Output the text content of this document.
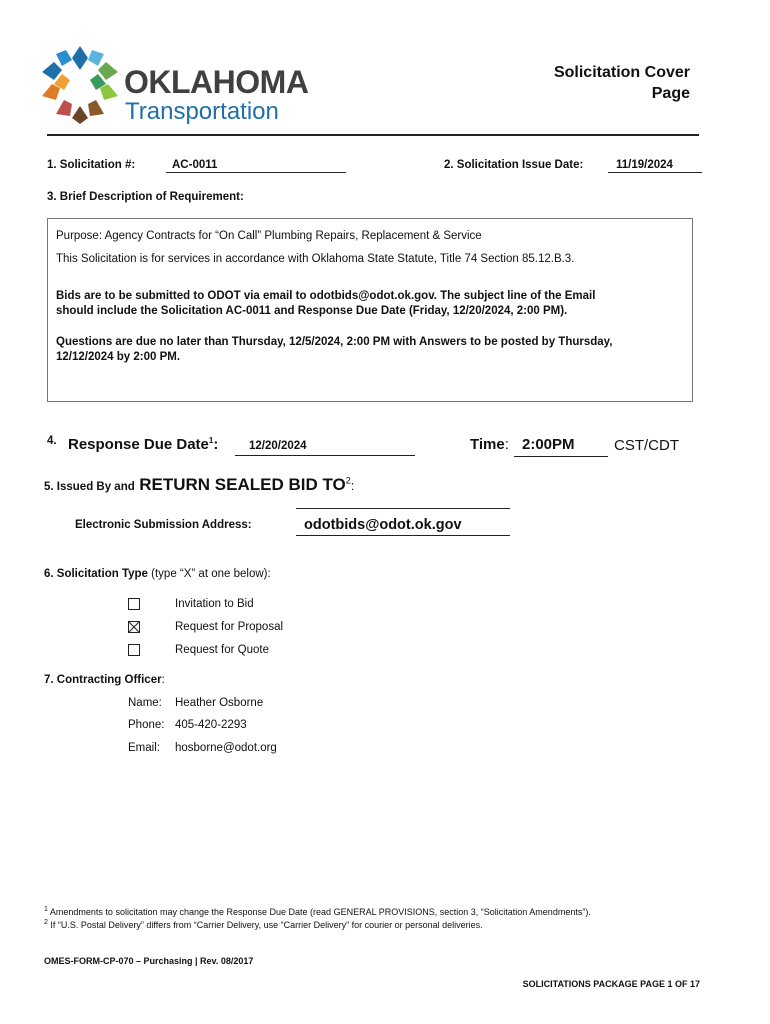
OKLAHOMA
Transportation
Solicitation Cover
Page
1. Solicitation #:	AC-0011	2. Solicitation Issue Date:	11/19/2024
3. Brief Description of Requirement:
Purpose: Agency Contracts for “On Call” Plumbing Repairs, Replacement & Service
This Solicitation is for services in accordance with Oklahoma State Statute, Title 74 Section 85.12.B.3.
Bids are to be submitted to ODOT via email to odotbids@odot.ok.gov. The subject line of the Email
should include the Solicitation AC-0011 and Response Due Date (Friday, 12/20/2024, 2:00 PM).
Questions are due no later than Thursday, 12/5/2024, 2:00 PM with Answers to be posted by Thursday,
12/12/2024 by 2:00 PM.
4. Response Due Date$^1$:	12/20/2024	Time: 2:00PM	CST/CDT
5. Issued By and RETURN SEALED BID $TO^2$:
Electronic Submission Address:	odotbids@odot.ok.gov
6. Solicitation Type (type “X” at one below):
Invitation to Bid
Request for Proposal
Request for Quote
7. Contracting Officer:
Name: Heather Osborne
Phone: 405-420-2293
Email: hosborne@odot.org
$^1$ Amendments to solicitation may change the Response Due Date (read GENERAL PROVISIONS, section 3, “Solicitation Amendments”).
$^2$ If “U.S. Postal Delivery” differs from “Carrier Delivery, use “Carrier Delivery” for courier or personal deliveries.
OMES-FORM-CP-070 – Purchasing | Rev. 08/2017
SOLICITATIONS PACKAGE PAGE 1 OF 17
